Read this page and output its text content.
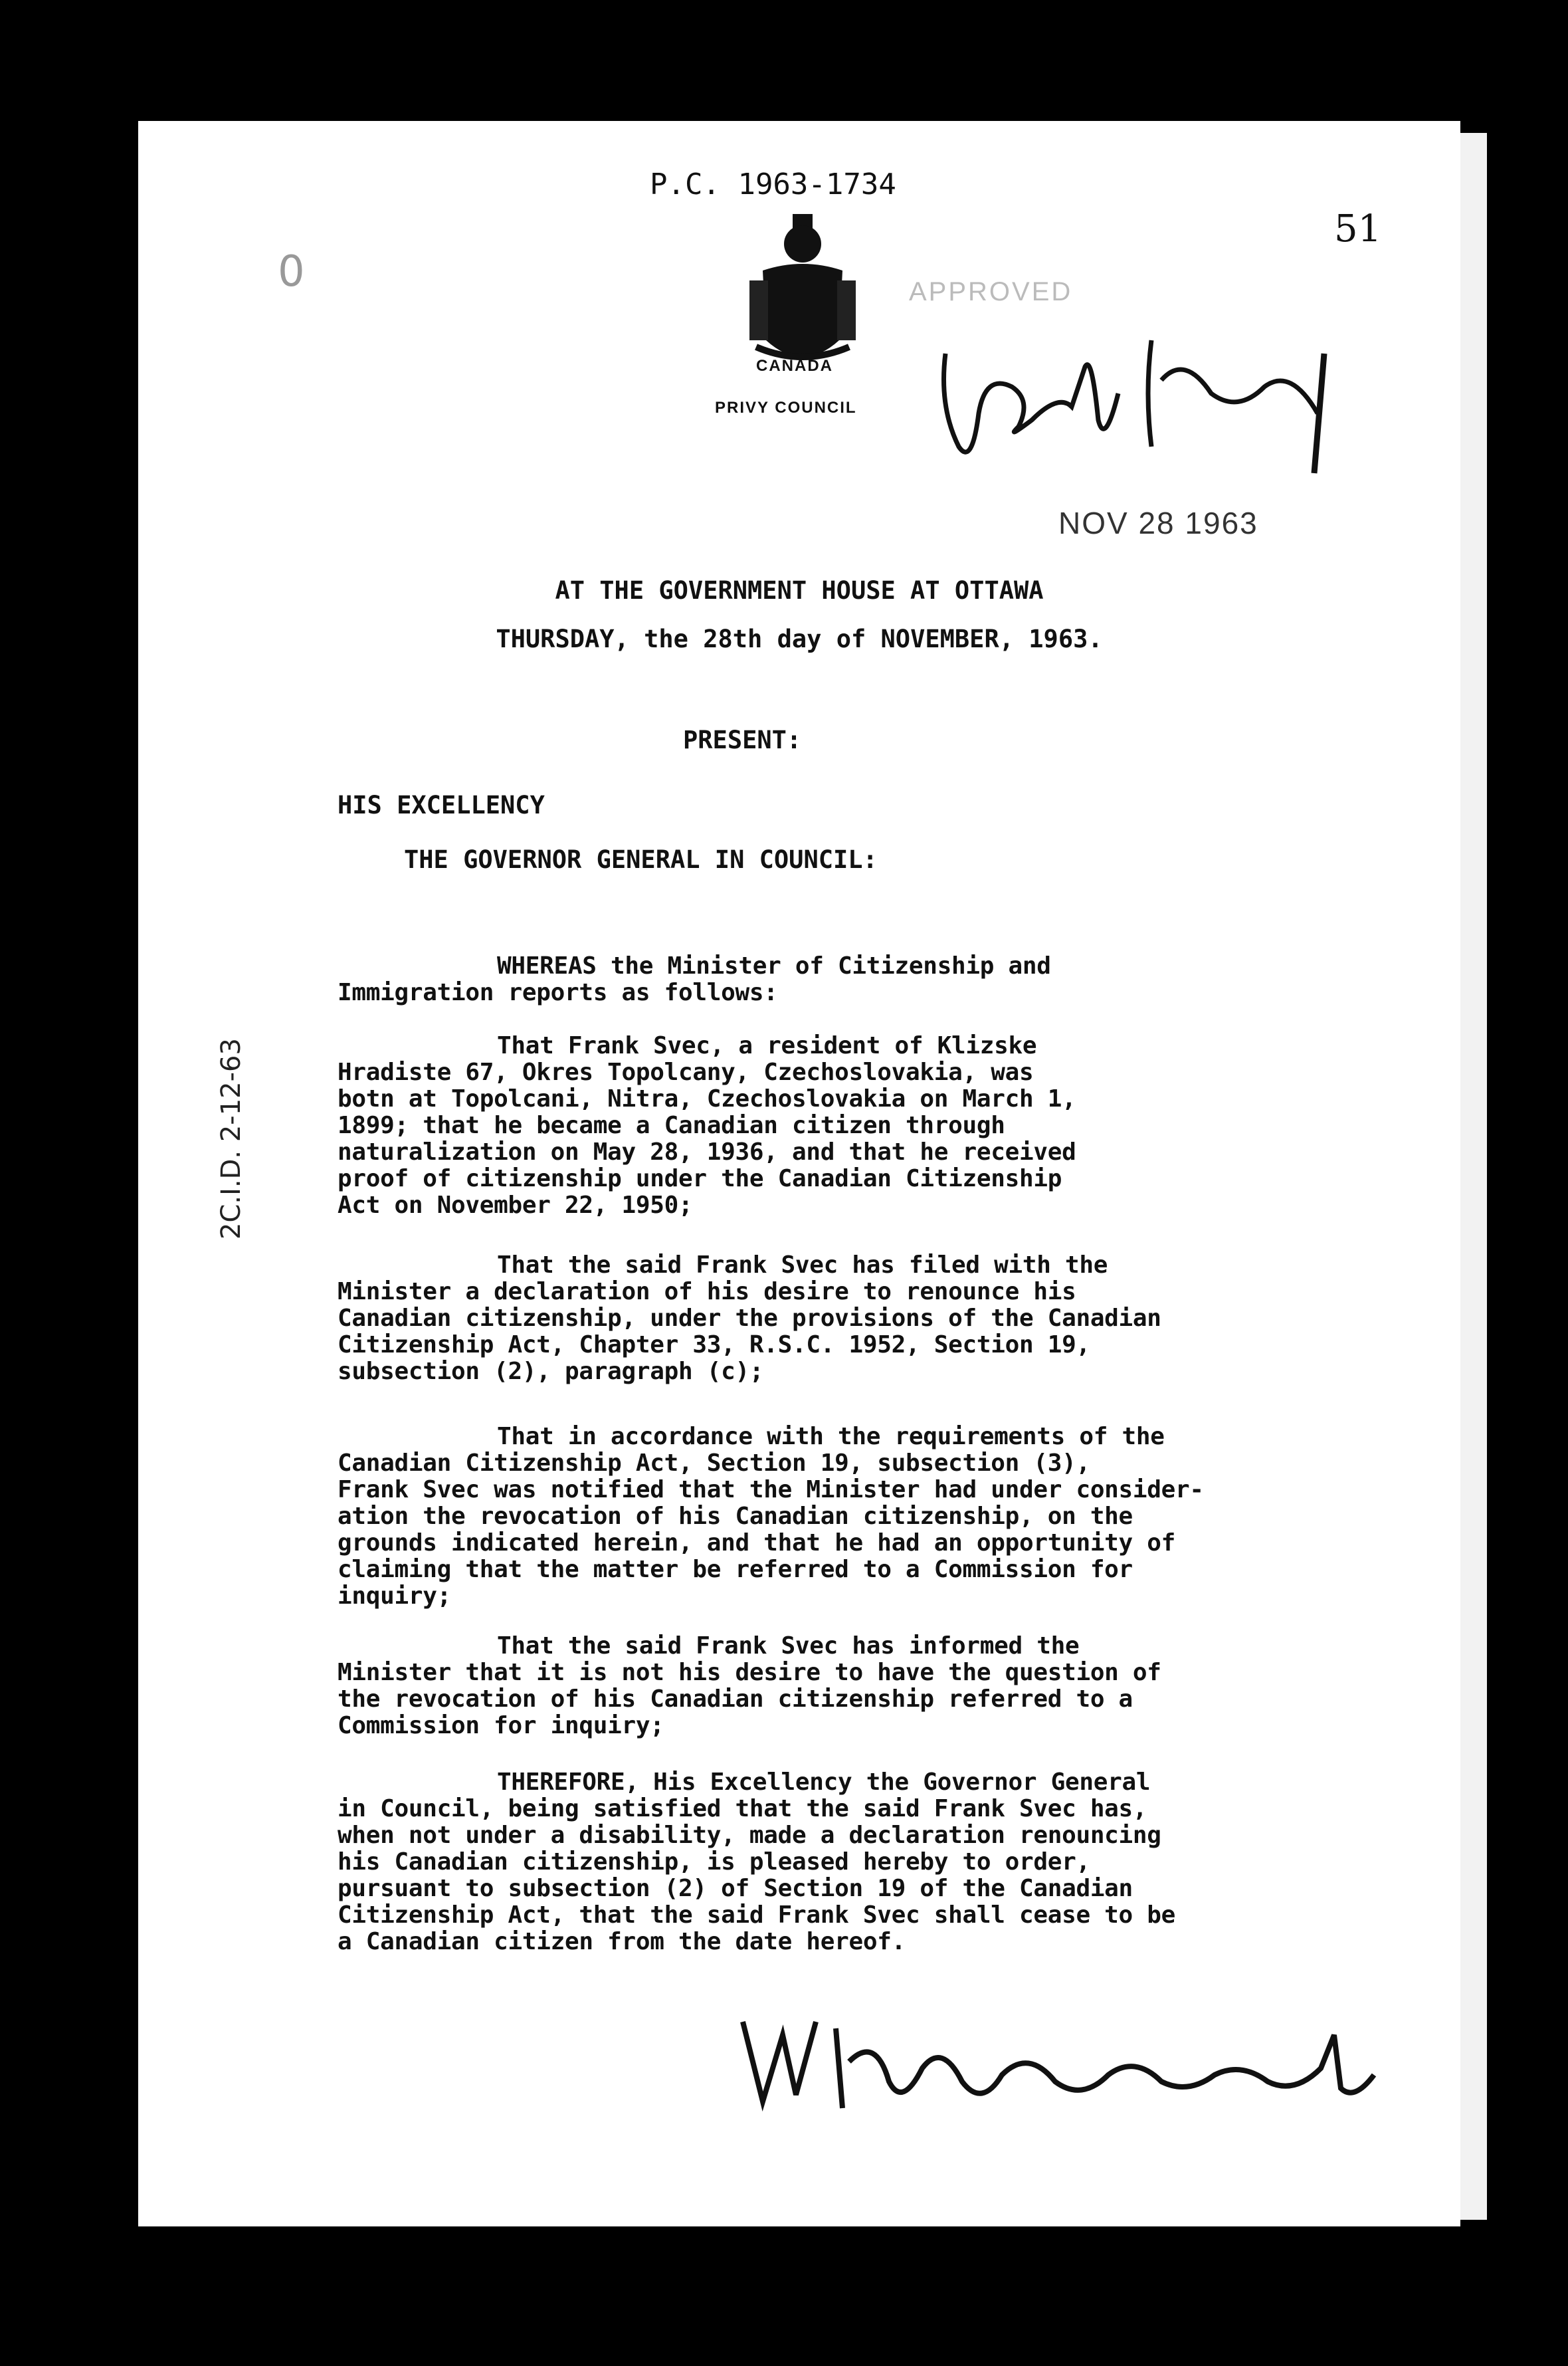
P.C. 1963-1734
51
0
CANADA
PRIVY COUNCIL
APPROVED
NOV 28 1963
2C.I.D. 2-12-63
AT THE GOVERNMENT HOUSE AT OTTAWA
THURSDAY, the 28th day of NOVEMBER, 1963.
PRESENT:
HIS EXCELLENCY
THE GOVERNOR GENERAL IN COUNCIL:
WHEREAS the Minister of Citizenship and
Immigration reports as follows:
That Frank Svec, a resident of Klizske
Hradiste 67, Okres Topolcany, Czechoslovakia, was
botn at Topolcani, Nitra, Czechoslovakia on March 1,
1899; that he became a Canadian citizen through
naturalization on May 28, 1936, and that he received
proof of citizenship under the Canadian Citizenship
Act on November 22, 1950;
That the said Frank Svec has filed with the
Minister a declaration of his desire to renounce his
Canadian citizenship, under the provisions of the Canadian
Citizenship Act, Chapter 33, R.S.C. 1952, Section 19,
subsection (2), paragraph (c);
That in accordance with the requirements of the
Canadian Citizenship Act, Section 19, subsection (3),
Frank Svec was notified that the Minister had under consider-
ation the revocation of his Canadian citizenship, on the
grounds indicated herein, and that he had an opportunity of
claiming that the matter be referred to a Commission for
inquiry;
That the said Frank Svec has informed the
Minister that it is not his desire to have the question of
the revocation of his Canadian citizenship referred to a
Commission for inquiry;
THEREFORE, His Excellency the Governor General
in Council, being satisfied that the said Frank Svec has,
when not under a disability, made a declaration renouncing
his Canadian citizenship, is pleased hereby to order,
pursuant to subsection (2) of Section 19 of the Canadian
Citizenship Act, that the said Frank Svec shall cease to be
a Canadian citizen from the date hereof.
